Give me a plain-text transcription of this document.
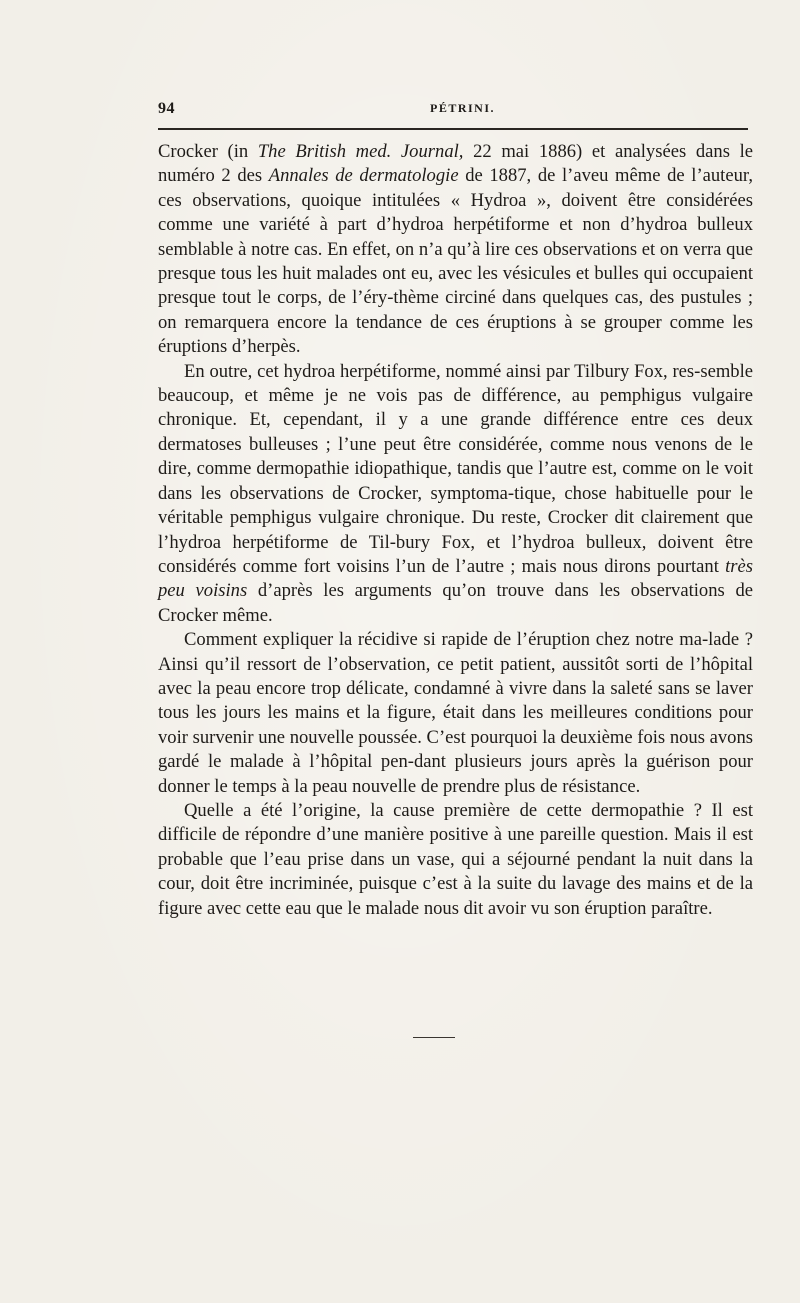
94	PÉTRINI.

Crocker (in The British med. Journal, 22 mai 1886) et analysées dans le numéro 2 des Annales de dermatologie de 1887, de l’aveu même de l’auteur, ces observations, quoique intitulées « Hydroa », doivent être considérées comme une variété à part d’hydroa herpétiforme et non d’hydroa bulleux semblable à notre cas. En effet, on n’a qu’à lire ces observations et on verra que presque tous les huit malades ont eu, avec les vésicules et bulles qui occupaient presque tout le corps, de l’éry-thème circiné dans quelques cas, des pustules ; on remarquera encore la tendance de ces éruptions à se grouper comme les éruptions d’herpès.

En outre, cet hydroa herpétiforme, nommé ainsi par Tilbury Fox, res-semble beaucoup, et même je ne vois pas de différence, au pemphigus vulgaire chronique. Et, cependant, il y a une grande différence entre ces deux dermatoses bulleuses ; l’une peut être considérée, comme nous venons de le dire, comme dermopathie idiopathique, tandis que l’autre est, comme on le voit dans les observations de Crocker, symptoma-tique, chose habituelle pour le véritable pemphigus vulgaire chronique. Du reste, Crocker dit clairement que l’hydroa herpétiforme de Til-bury Fox, et l’hydroa bulleux, doivent être considérés comme fort voisins l’un de l’autre ; mais nous dirons pourtant très peu voisins d’après les arguments qu’on trouve dans les observations de Crocker même.

Comment expliquer la récidive si rapide de l’éruption chez notre ma-lade ? Ainsi qu’il ressort de l’observation, ce petit patient, aussitôt sorti de l’hôpital avec la peau encore trop délicate, condamné à vivre dans la saleté sans se laver tous les jours les mains et la figure, était dans les meilleures conditions pour voir survenir une nouvelle poussée. C’est pourquoi la deuxième fois nous avons gardé le malade à l’hôpital pen-dant plusieurs jours après la guérison pour donner le temps à la peau nouvelle de prendre plus de résistance.

Quelle a été l’origine, la cause première de cette dermopathie ? Il est difficile de répondre d’une manière positive à une pareille question. Mais il est probable que l’eau prise dans un vase, qui a séjourné pendant la nuit dans la cour, doit être incriminée, puisque c’est à la suite du lavage des mains et de la figure avec cette eau que le malade nous dit avoir vu son éruption paraître.
